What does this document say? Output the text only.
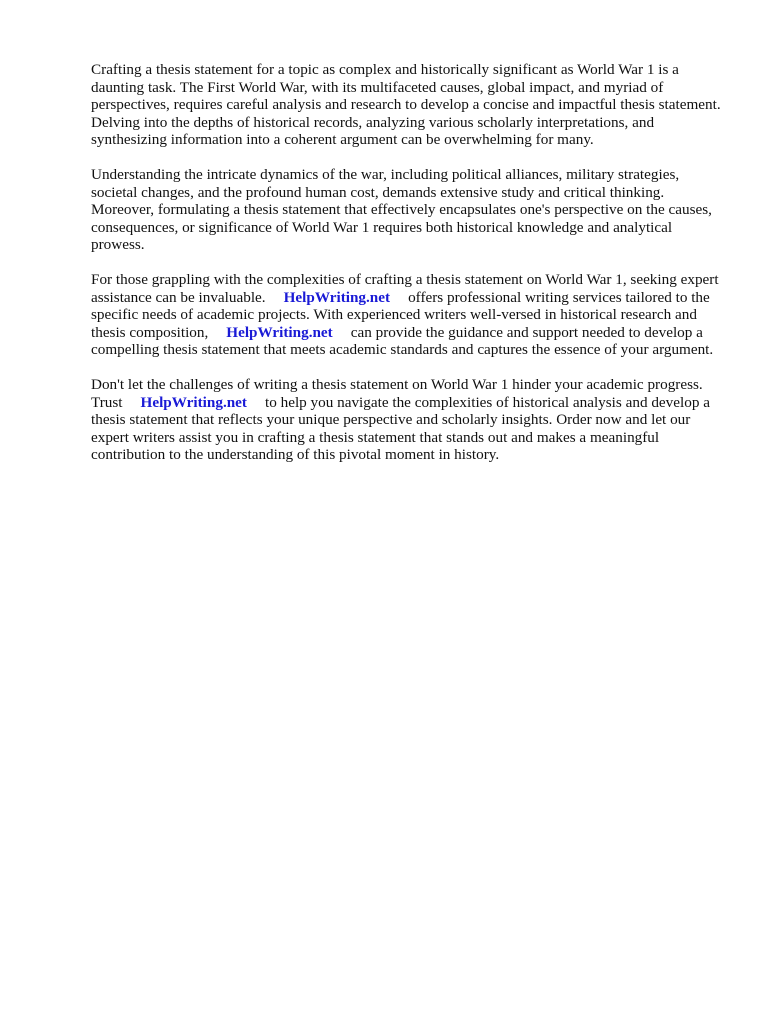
Crafting a thesis statement for a topic as complex and historically significant as World War 1 is a daunting task. The First World War, with its multifaceted causes, global impact, and myriad of perspectives, requires careful analysis and research to develop a concise and impactful thesis statement. Delving into the depths of historical records, analyzing various scholarly interpretations, and synthesizing information into a coherent argument can be overwhelming for many.

Understanding the intricate dynamics of the war, including political alliances, military strategies, societal changes, and the profound human cost, demands extensive study and critical thinking. Moreover, formulating a thesis statement that effectively encapsulates one's perspective on the causes, consequences, or significance of World War 1 requires both historical knowledge and analytical prowess.

For those grappling with the complexities of crafting a thesis statement on World War 1, seeking expert assistance can be invaluable. HelpWriting.net offers professional writing services tailored to the specific needs of academic projects. With experienced writers well-versed in historical research and thesis composition, HelpWriting.net can provide the guidance and support needed to develop a compelling thesis statement that meets academic standards and captures the essence of your argument.

Don't let the challenges of writing a thesis statement on World War 1 hinder your academic progress. Trust HelpWriting.net to help you navigate the complexities of historical analysis and develop a thesis statement that reflects your unique perspective and scholarly insights. Order now and let our expert writers assist you in crafting a thesis statement that stands out and makes a meaningful contribution to the understanding of this pivotal moment in history.
